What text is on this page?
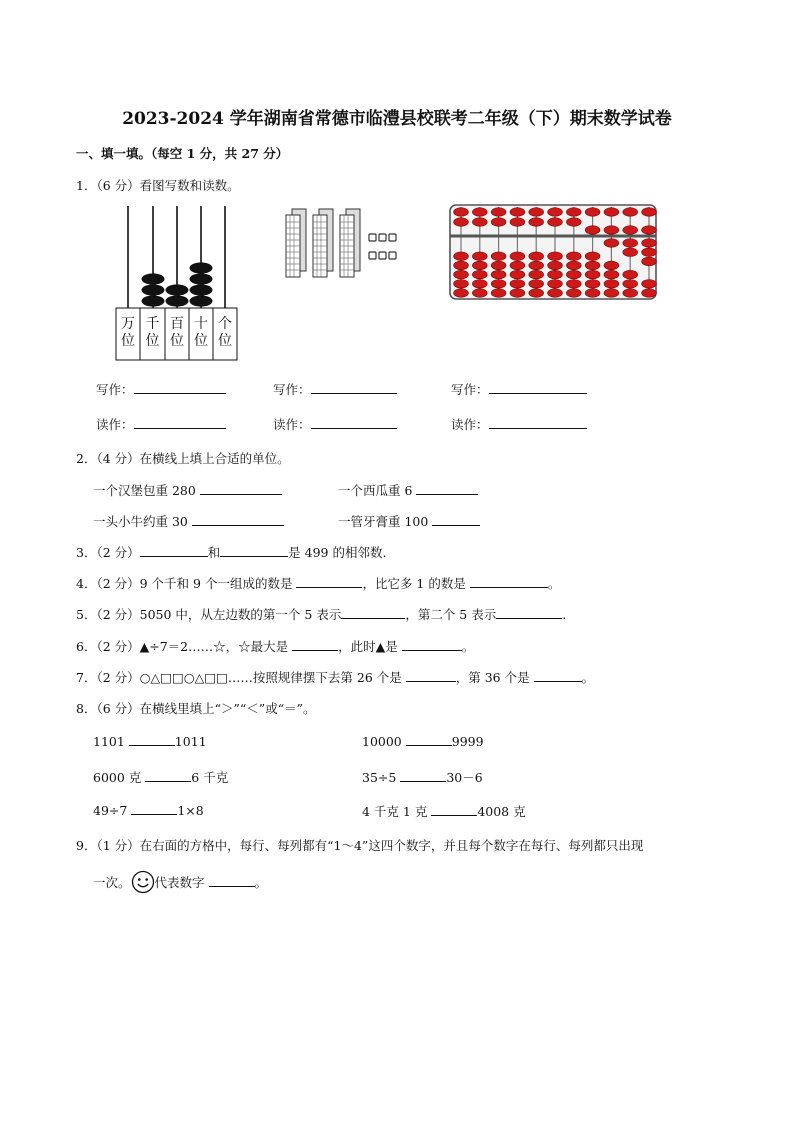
2023-2024 学年湖南省常德市临澧县校联考二年级（下）期末数学试卷
一、填一填。（每空 1 分，共 27 分）
1．（6 分）看图写数和读数。
万
位
千
位
百
位
十
位
个
位
写作：	写作：	写作：
读作：	读作：	读作：
2．（4 分）在横线上填上合适的单位。
一个汉堡包重 280	一个西瓜重 6
一头小牛约重 30	一管牙膏重 100
3．（2 分）	和	是 499 的相邻数.
4．（2 分）9 个千和 9 个一组成的数是	，比它多 1 的数是	。
5．（2 分）5050 中，从左边数的第一个 5 表示	，第二个 5 表示	.
6．（2 分）▲÷7＝2……☆，☆最大是	，此时▲是	。
7．（2 分）○△□□○△□□……按照规律摆下去第 26 个是	，第 36 个是	。
8．（6 分）在横线里填上“＞”“＜”或“＝”。
1101	1011	10000	9999
6000 克	6 千克	35÷5	30－6
49÷7	1×8	4 千克 1 克	4008 克
9．（1 分）在右面的方格中，每行、每列都有“1～4”这四个数字，并且每个数字在每行、每列都只出现
一次。 代表数字	。
